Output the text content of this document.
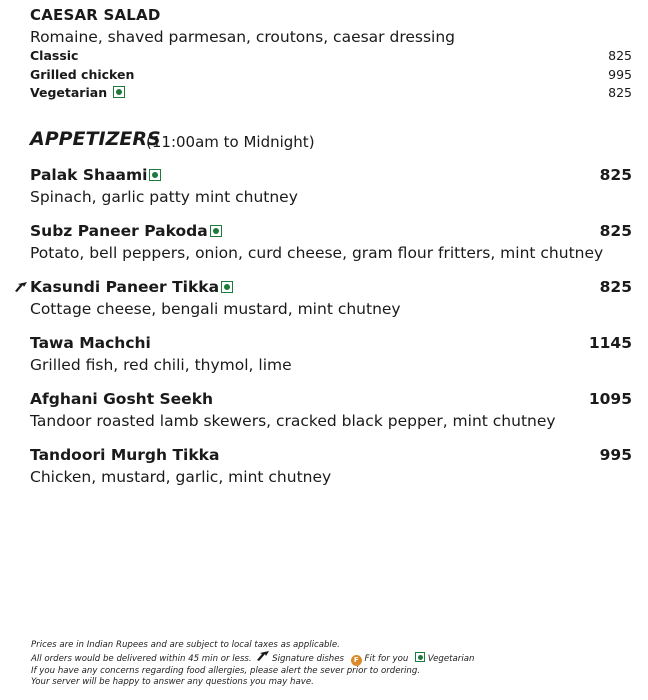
CAESAR SALAD
Romaine, shaved parmesan, croutons, caesar dressing
Classic	825
Grilled chicken	995
Vegetarian	825
APPETIZERS
(11:00am to Midnight)
Palak Shaami	825
Spinach, garlic patty mint chutney
Subz Paneer Pakoda	825
Potato, bell peppers, onion, curd cheese, gram flour fritters, mint chutney
Kasundi Paneer Tikka	825
Cottage cheese, bengali mustard, mint chutney
Tawa Machchi	1145
Grilled fish, red chili, thymol, lime
Afghani Gosht Seekh	1095
Tandoor roasted lamb skewers, cracked black pepper, mint chutney
Tandoori Murgh Tikka	995
Chicken, mustard, garlic, mint chutney
Prices are in Indian Rupees and are subject to local taxes as applicable.
All orders would be delivered within 45 min or less. Signature dishes F Fit for you Vegetarian
If you have any concerns regarding food allergies, please alert the sever prior to ordering.
Your server will be happy to answer any questions you may have.
